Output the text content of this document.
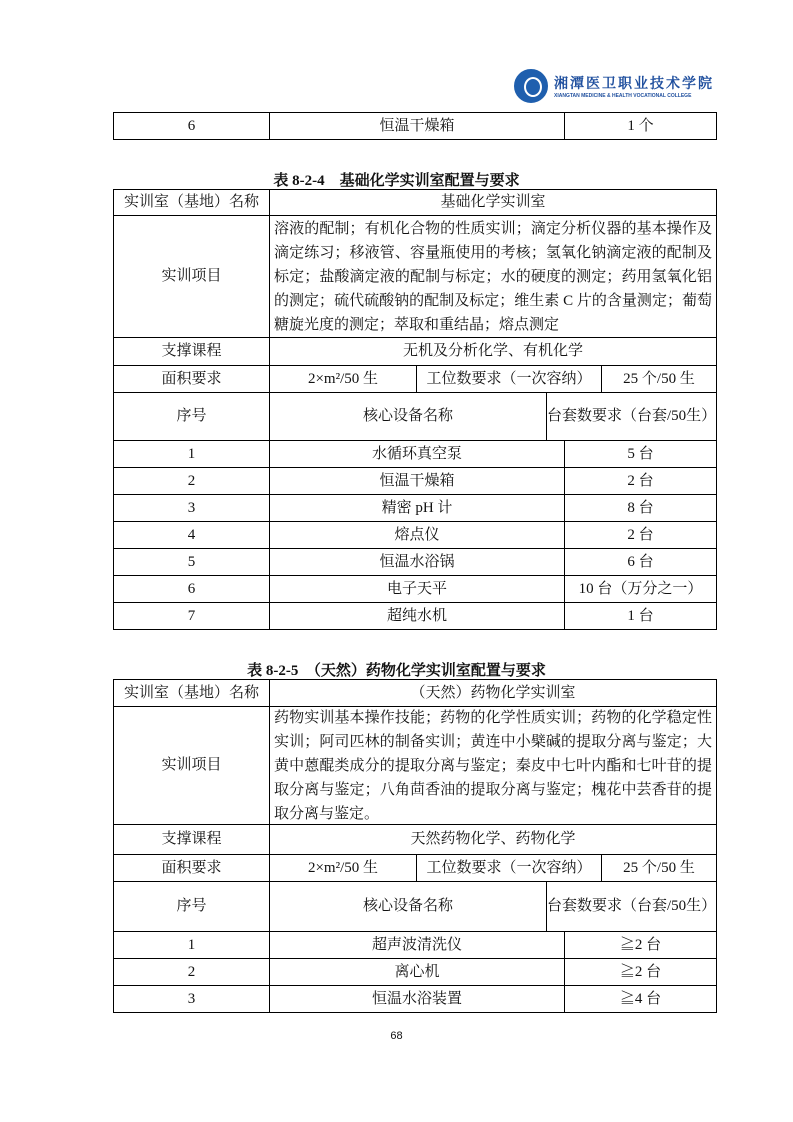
湘潭医卫职业技术学院
XIANGTAN MEDICINE & HEALTH VOCATIONAL COLLEGE
6	恒温干燥箱	1 个
表 8-2-4　基础化学实训室配置与要求
实训室（基地）名称	基础化学实训室
实训项目
溶液的配制；有机化合物的性质实训；滴定分析仪器的基本操作及滴定练习；移液管、容量瓶使用的考核；氢氧化钠滴定液的配制及标定；盐酸滴定液的配制与标定；水的硬度的测定；药用氢氧化铝的测定；硫代硫酸钠的配制及标定；维生素 C 片的含量测定；葡萄糖旋光度的测定；萃取和重结晶；熔点测定
支撑课程	无机及分析化学、有机化学
面积要求	2×m²/50 生	工位数要求（一次容纳）	25 个/50 生
序号	核心设备名称	台套数要求（台套/50生）
1	水循环真空泵	5 台
2	恒温干燥箱	2 台
3	精密 pH 计	8 台
4	熔点仪	2 台
5	恒温水浴锅	6 台
6	电子天平	10 台（万分之一）
7	超纯水机	1 台
表 8-2-5　（天然）药物化学实训室配置与要求
实训室（基地）名称	（天然）药物化学实训室
实训项目
药物实训基本操作技能；药物的化学性质实训；药物的化学稳定性实训；阿司匹林的制备实训；黄连中小檗碱的提取分离与鉴定；大黄中蒽醌类成分的提取分离与鉴定；秦皮中七叶内酯和七叶苷的提取分离与鉴定；八角茴香油的提取分离与鉴定；槐花中芸香苷的提取分离与鉴定。
支撑课程	天然药物化学、药物化学
面积要求	2×m²/50 生	工位数要求（一次容纳）	25 个/50 生
序号	核心设备名称	台套数要求（台套/50生）
1	超声波清洗仪	≧2 台
2	离心机	≧2 台
3	恒温水浴装置	≧4 台
68
